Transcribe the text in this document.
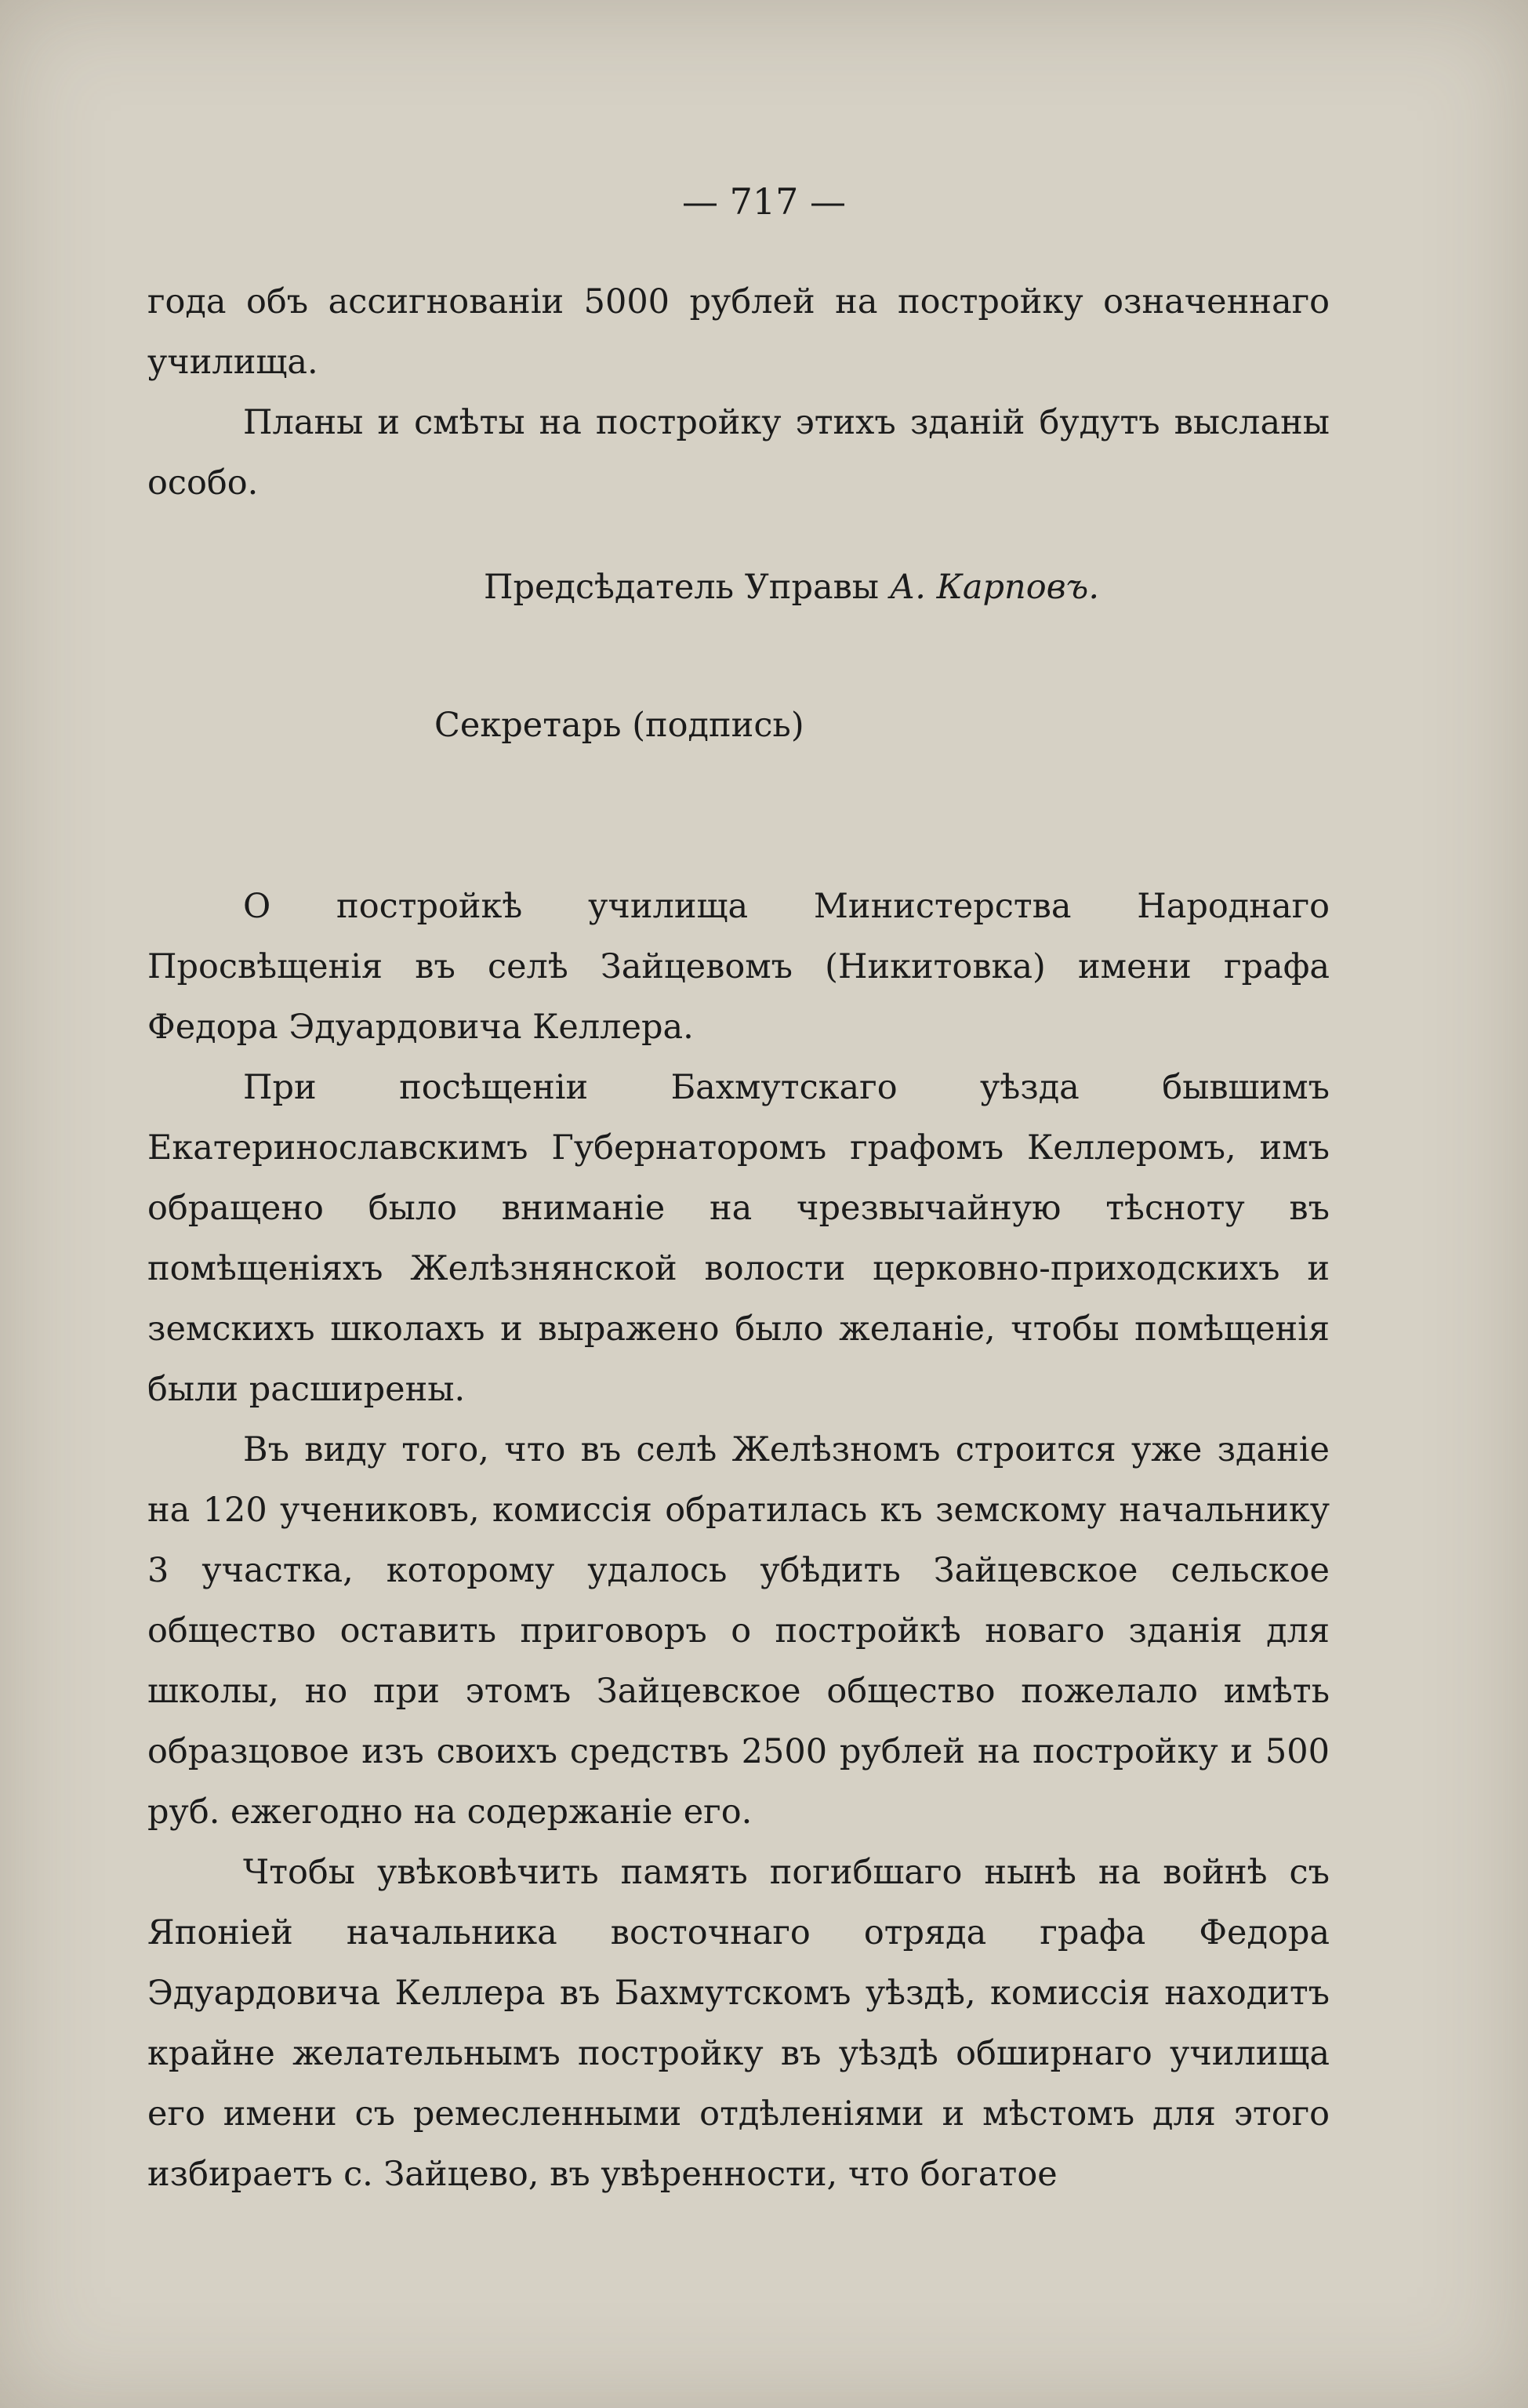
— 717 —

года объ ассигнованіи 5000 рублей на постройку означеннаго училища.

Планы и смѣты на постройку этихъ зданій будутъ высланы особо.

Предсѣдатель Управы А. Карповъ.
Секретарь (подпись)

О постройкѣ училища Министерства Народнаго Просвѣщенія въ селѣ Зайцевомъ (Никитовка) имени графа Федора Эдуардовича Келлера.

При посѣщеніи Бахмутскаго уѣзда бывшимъ Екатеринославскимъ Губернаторомъ графомъ Келлеромъ, имъ обращено было вниманіе на чрезвычайную тѣсноту въ помѣщеніяхъ Желѣзнянской волости церковно-приходскихъ и земскихъ школахъ и выражено было желаніе, чтобы помѣщенія были расширены.

Въ виду того, что въ селѣ Желѣзномъ строится уже зданіе на 120 учениковъ, комиссія обратилась къ земскому начальнику 3 участка, которому удалось убѣдить Зайцевское сельское общество оставить приговоръ о постройкѣ новаго зданія для школы, но при этомъ Зайцевское общество пожелало имѣть образцовое изъ своихъ средствъ 2500 рублей на постройку и 500 руб. ежегодно на содержаніе его.

Чтобы увѣковѣчить память погибшаго нынѣ на войнѣ съ Японіей начальника восточнаго отряда графа Федора Эдуардовича Келлера въ Бахмутскомъ уѣздѣ, комиссія находитъ крайне желательнымъ постройку въ уѣздѣ обширнаго училища его имени съ ремесленными отдѣленіями и мѣстомъ для этого избираетъ с. Зайцево, въ увѣренности, что богатое
